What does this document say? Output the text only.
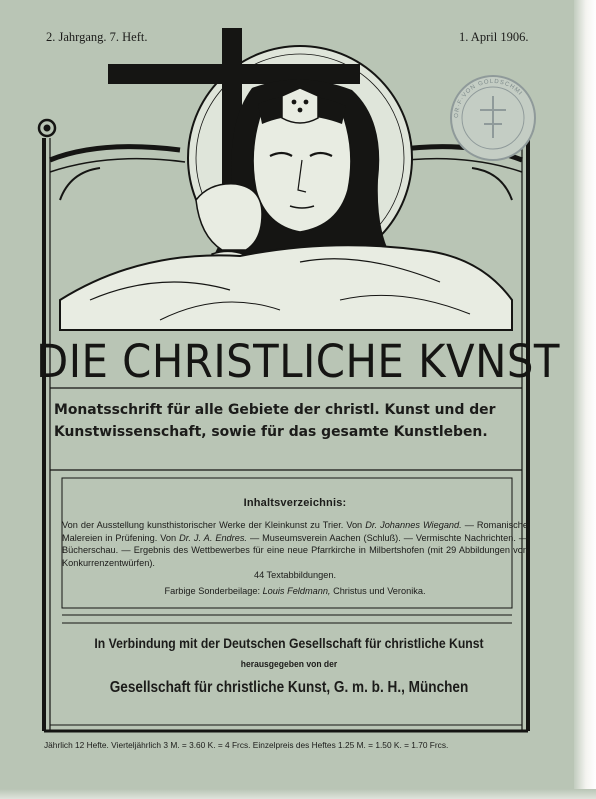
OR·F·VON GOLDSCHMI
2. Jahrgang. 7. Heft.	1. April 1906.
DIE CHRISTLICHE KVNST
Monatsschrift für alle Gebiete der christl. Kunst und der
Kunstwissenschaft, sowie für das gesamte Kunstleben.
Inhaltsverzeichnis:
Von der Ausstellung kunsthistorischer Werke der Kleinkunst zu Trier. Von Dr. Johannes Wiegand. — Romanische Malereien in Prüfening. Von Dr. J. A. Endres. — Museumsverein Aachen (Schluß). — Vermischte Nachrichten. — Bücherschau. — Ergebnis des Wettbewerbes für eine neue Pfarrkirche in Milbertshofen (mit 29 Abbildungen von Konkurrenzentwürfen).
44 Textabbildungen.
Farbige Sonderbeilage: Louis Feldmann, Christus und Veronika.
In Verbindung mit der Deutschen Gesellschaft für christliche Kunst
herausgegeben von der
Gesellschaft für christliche Kunst, G. m. b. H., München
Jährlich 12 Hefte. Vierteljährlich 3 M. = 3.60 K. = 4 Frcs. Einzelpreis des Heftes 1.25 M. = 1.50 K. = 1.70 Frcs.
